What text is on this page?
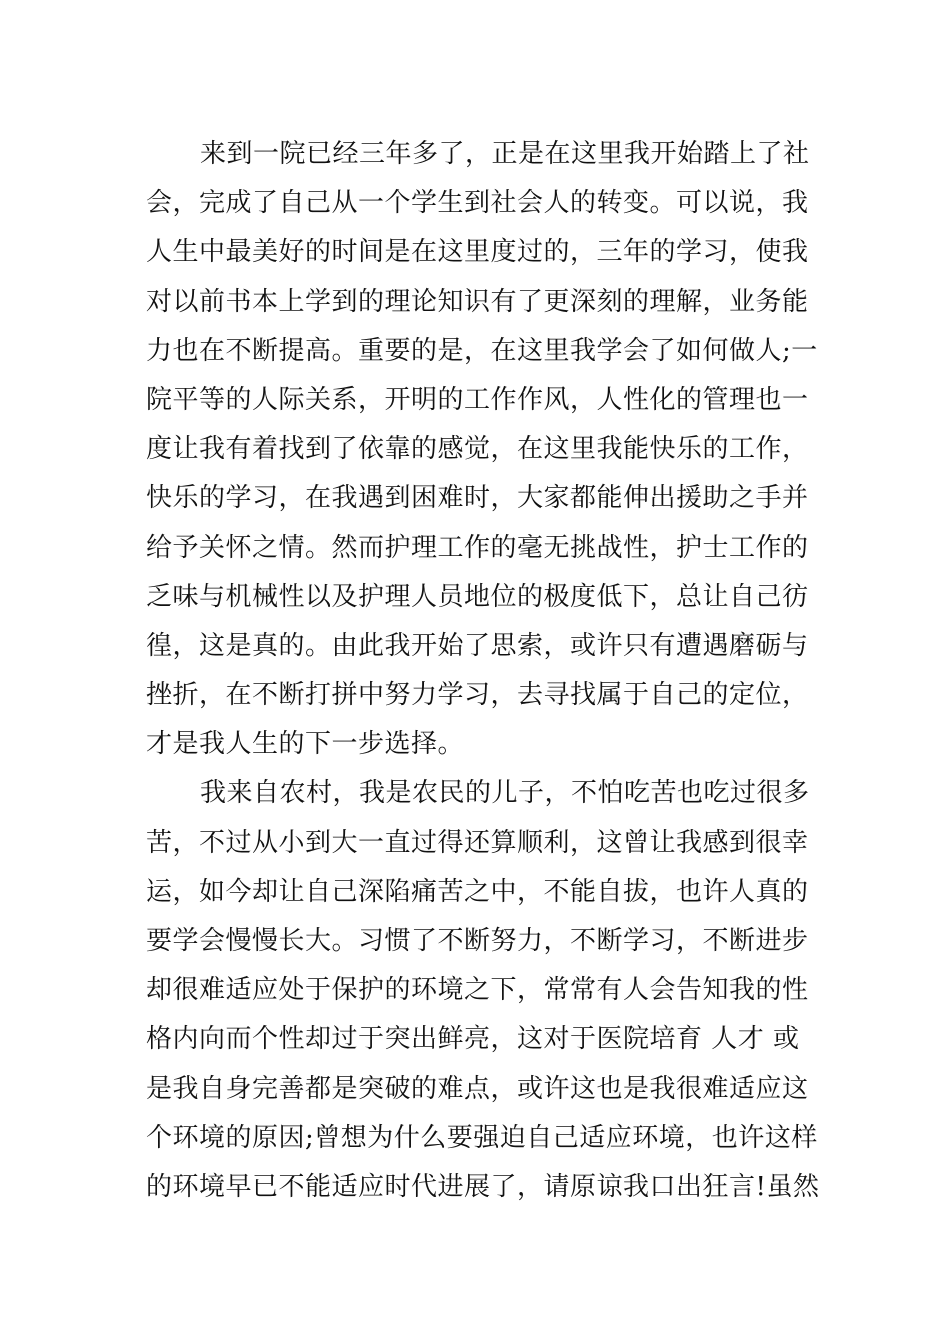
来到一院已经三年多了，正是在这里我开始踏上了社
会，完成了自己从一个学生到社会人的转变。可以说，我
人生中最美好的时间是在这里度过的，三年的学习，使我
对以前书本上学到的理论知识有了更深刻的理解，业务能
力也在不断提高。重要的是，在这里我学会了如何做人;一
院平等的人际关系，开明的工作作风，人性化的管理也一
度让我有着找到了依靠的感觉，在这里我能快乐的工作，
快乐的学习，在我遇到困难时，大家都能伸出援助之手并
给予关怀之情。然而护理工作的毫无挑战性，护士工作的
乏味与机械性以及护理人员地位的极度低下，总让自己彷
徨，这是真的。由此我开始了思索，或许只有遭遇磨砺与
挫折，在不断打拼中努力学习，去寻找属于自己的定位，
才是我人生的下一步选择。
我来自农村，我是农民的儿子，不怕吃苦也吃过很多
苦，不过从小到大一直过得还算顺利，这曾让我感到很幸
运，如今却让自己深陷痛苦之中，不能自拔，也许人真的
要学会慢慢长大。习惯了不断努力，不断学习，不断进步
却很难适应处于保护的环境之下，常常有人会告知我的性
格内向而个性却过于突出鲜亮，这对于医院培育 人才 或
是我自身完善都是突破的难点，或许这也是我很难适应这
个环境的原因;曾想为什么要强迫自己适应环境，也许这样
的环境早已不能适应时代进展了，请原谅我口出狂言!虽然
